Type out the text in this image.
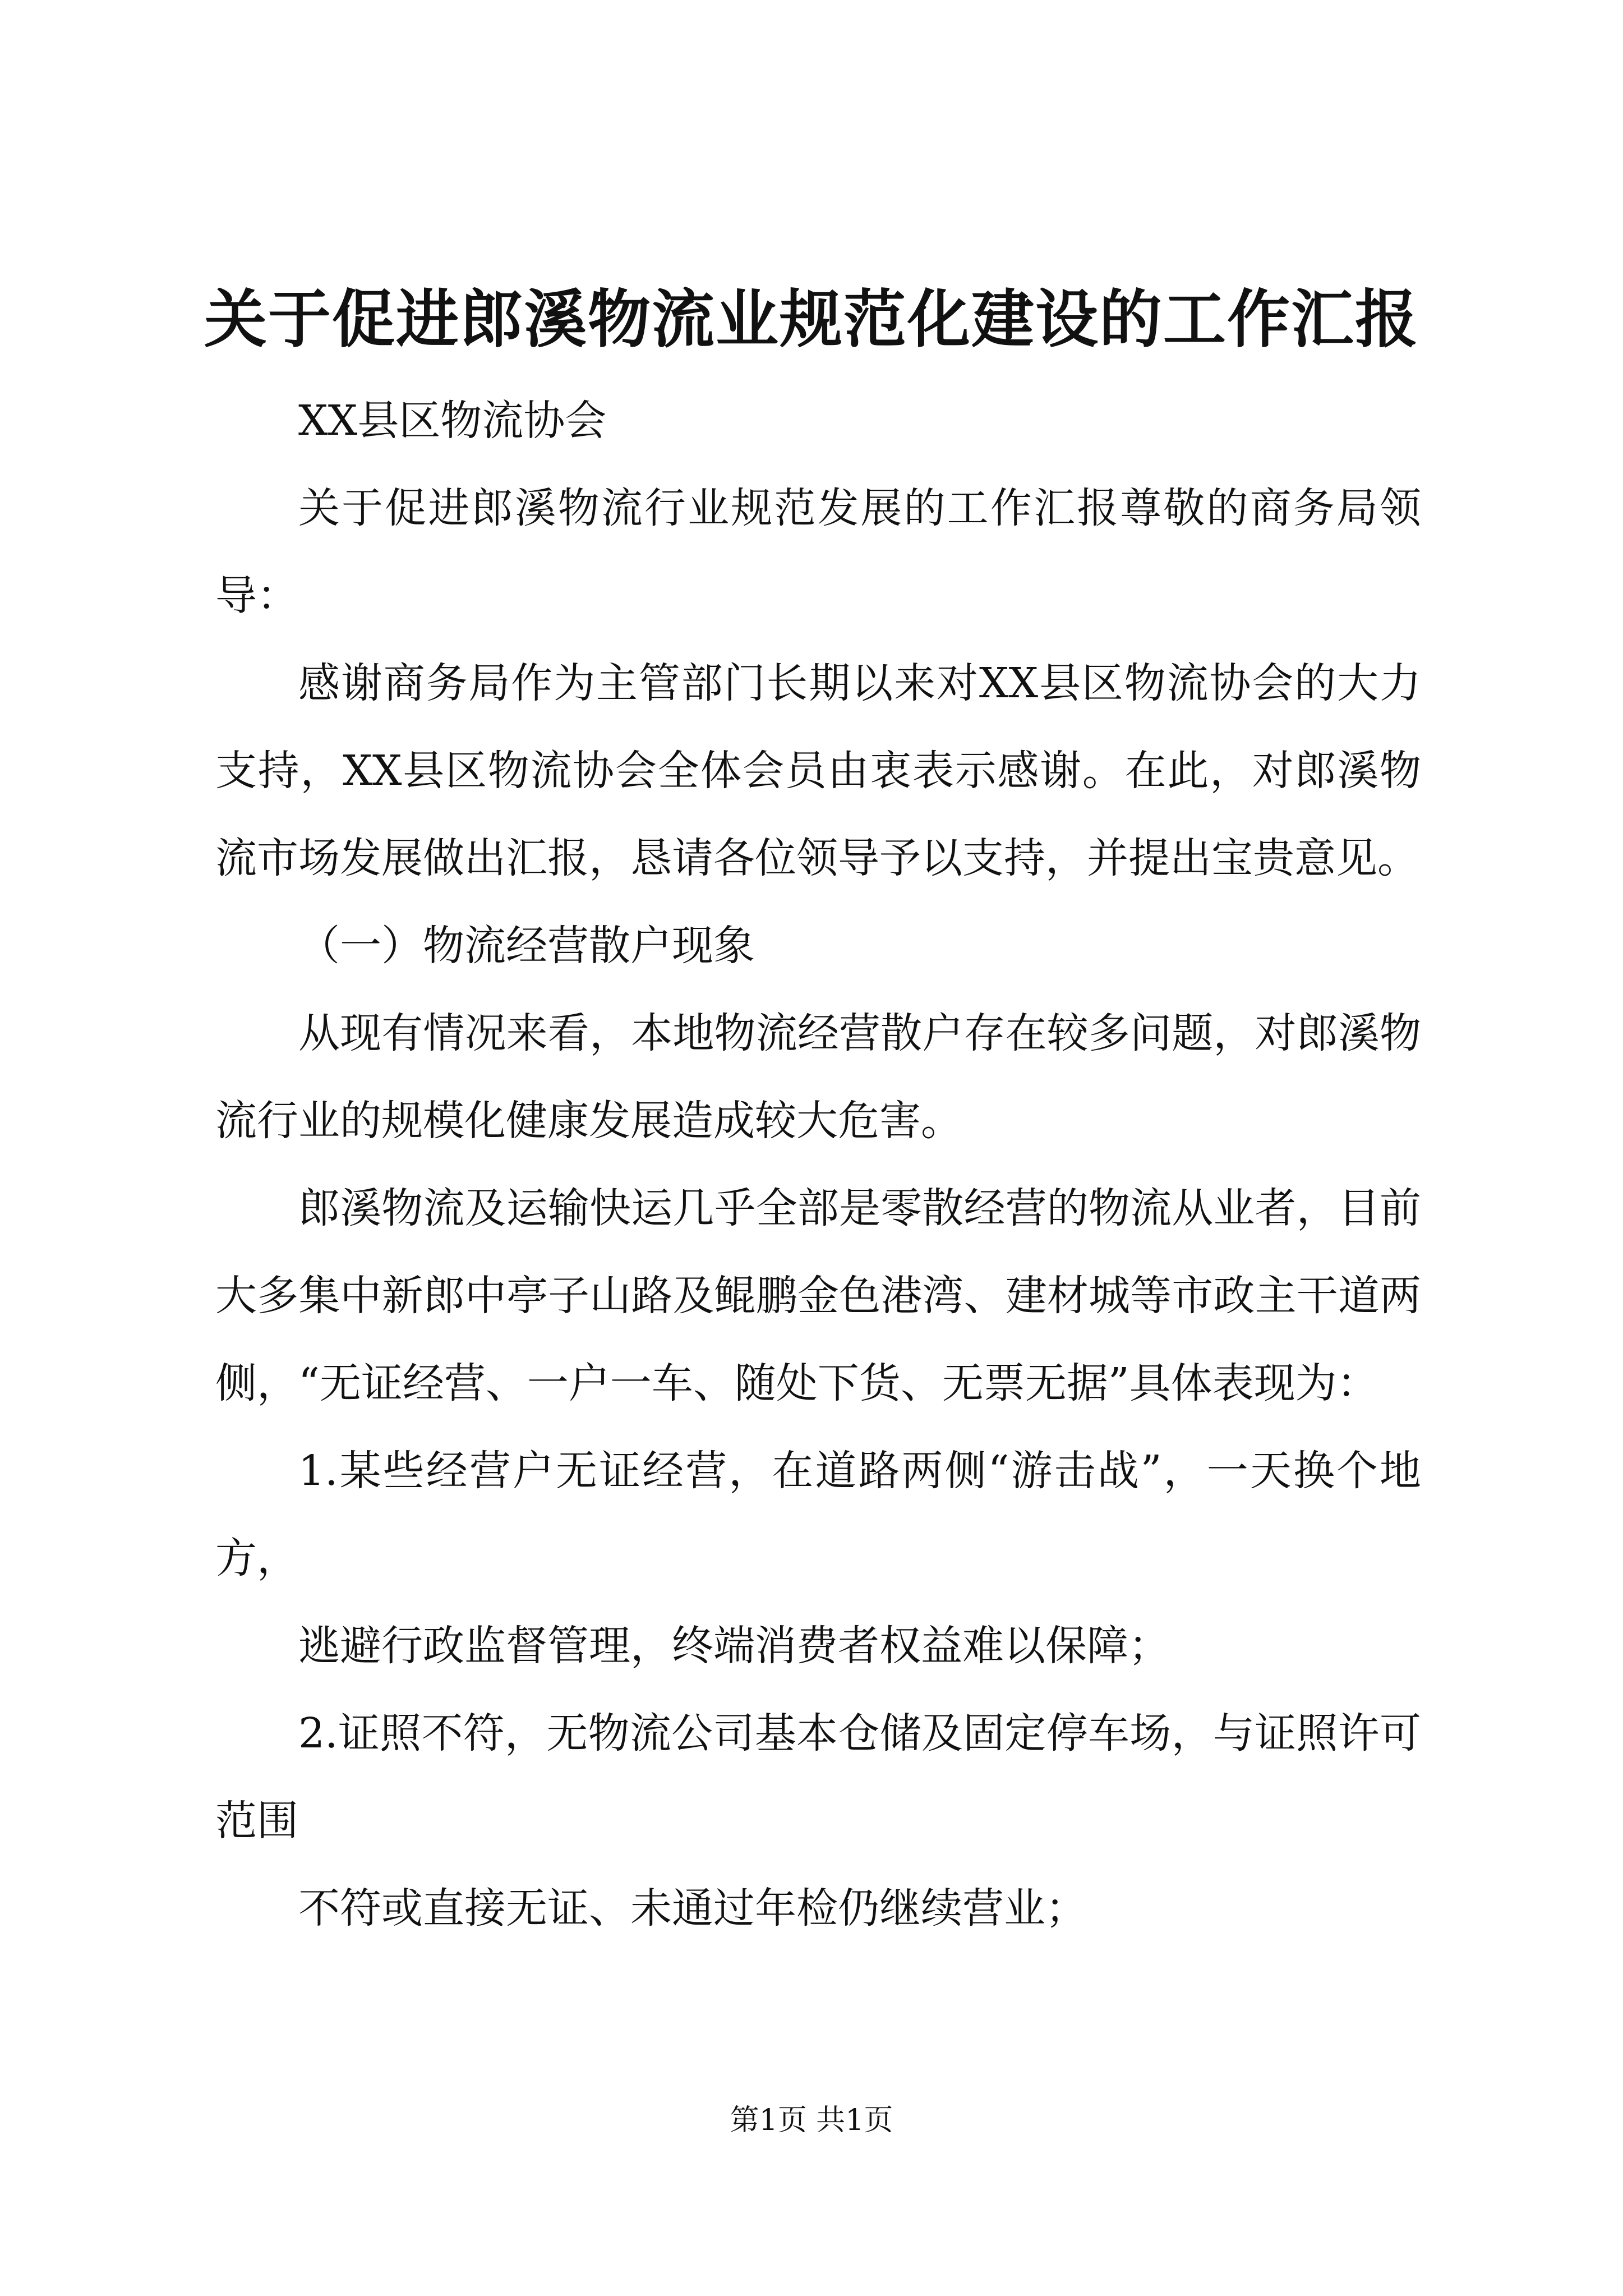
关于促进郎溪物流业规范化建设的工作汇报

XX县区物流协会

关于促进郎溪物流行业规范发展的工作汇报尊敬的商务局领导：

感谢商务局作为主管部门长期以来对XX县区物流协会的大力支持，XX县区物流协会全体会员由衷表示感谢。在此，对郎溪物流市场发展做出汇报，恳请各位领导予以支持，并提出宝贵意见。

（一）物流经营散户现象

从现有情况来看，本地物流经营散户存在较多问题，对郎溪物流行业的规模化健康发展造成较大危害。

郎溪物流及运输快运几乎全部是零散经营的物流从业者，目前大多集中新郎中亭子山路及鲲鹏金色港湾、建材城等市政主干道两侧，“无证经营、一户一车、随处下货、无票无据”具体表现为：

1.某些经营户无证经营，在道路两侧“游击战”，一天换个地方，

逃避行政监督管理，终端消费者权益难以保障；

2.证照不符，无物流公司基本仓储及固定停车场，与证照许可范围

不符或直接无证、未通过年检仍继续营业；

第1页 共1页
